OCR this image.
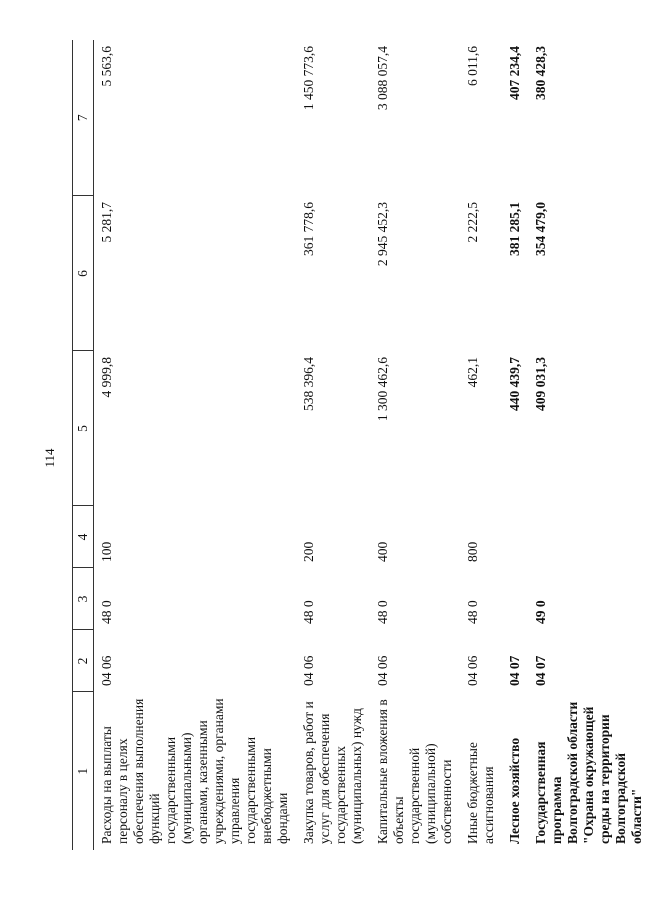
114
1	2	3	4	5	6	7
Расходы на выплаты персоналу в целях обеспечения выполнения функций государственными (муниципальными) органами, казенными учреждениями, органами управления государственными внебюджетными фондами	04 06	48 0	100	4 999,8	5 281,7	5 563,6
Закупка товаров, работ и услуг для обеспечения государственных (муниципальных) нужд	04 06	48 0	200	538 396,4	361 778,6	1 450 773,6
Капитальные вложения в объекты государственной (муниципальной) собственности	04 06	48 0	400	1 300 462,6	2 945 452,3	3 088 057,4
Иные бюджетные ассигнования	04 06	48 0	800	462,1	2 222,5	6 011,6
Лесное хозяйство	04 07			440 439,7	381 285,1	407 234,4
Государственная программа Волгоградской области "Охрана окружающей среды на территории Волгоградской области"	04 07	49 0		409 031,3	354 479,0	380 428,3
